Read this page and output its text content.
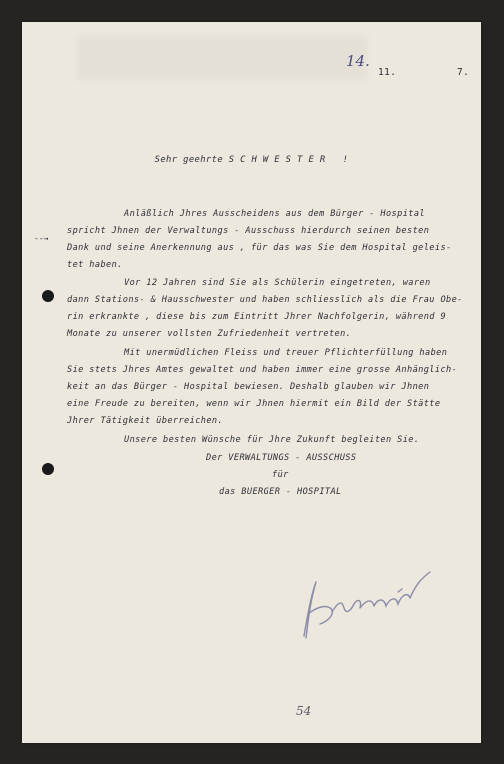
14.
11.     7.
Sehr geehrte S C H W E S T E R   !
--→
Anläßlich Jhres Ausscheidens aus dem Bürger - Hospital
spricht Jhnen der Verwaltungs - Ausschuss hierdurch seinen besten
Dank und seine Anerkennung aus , für das was Sie dem Hospital geleis-
tet haben.
Vor 12 Jahren sind Sie als Schülerin eingetreten, waren
dann Stations- & Hausschwester und haben schliesslich als die Frau Obe-
rin erkrankte , diese bis zum Eintritt Jhrer Nachfolgerin, während 9
Monate zu unserer vollsten Zufriedenheit vertreten.
Mit unermüdlichen Fleiss und treuer Pflichterfüllung haben
Sie stets Jhres Amtes gewaltet und haben immer eine grosse Anhänglich-
keit an das Bürger - Hospital bewiesen. Deshalb glauben wir Jhnen
eine Freude zu bereiten, wenn wir Jhnen hiermit ein Bild der Stätte
Jhrer Tätigkeit überreichen.
Unsere besten Wünsche für Jhre Zukunft begleiten Sie.
Der VERWALTUNGS - AUSSCHUSS
für
das BUERGER - HOSPITAL
54
